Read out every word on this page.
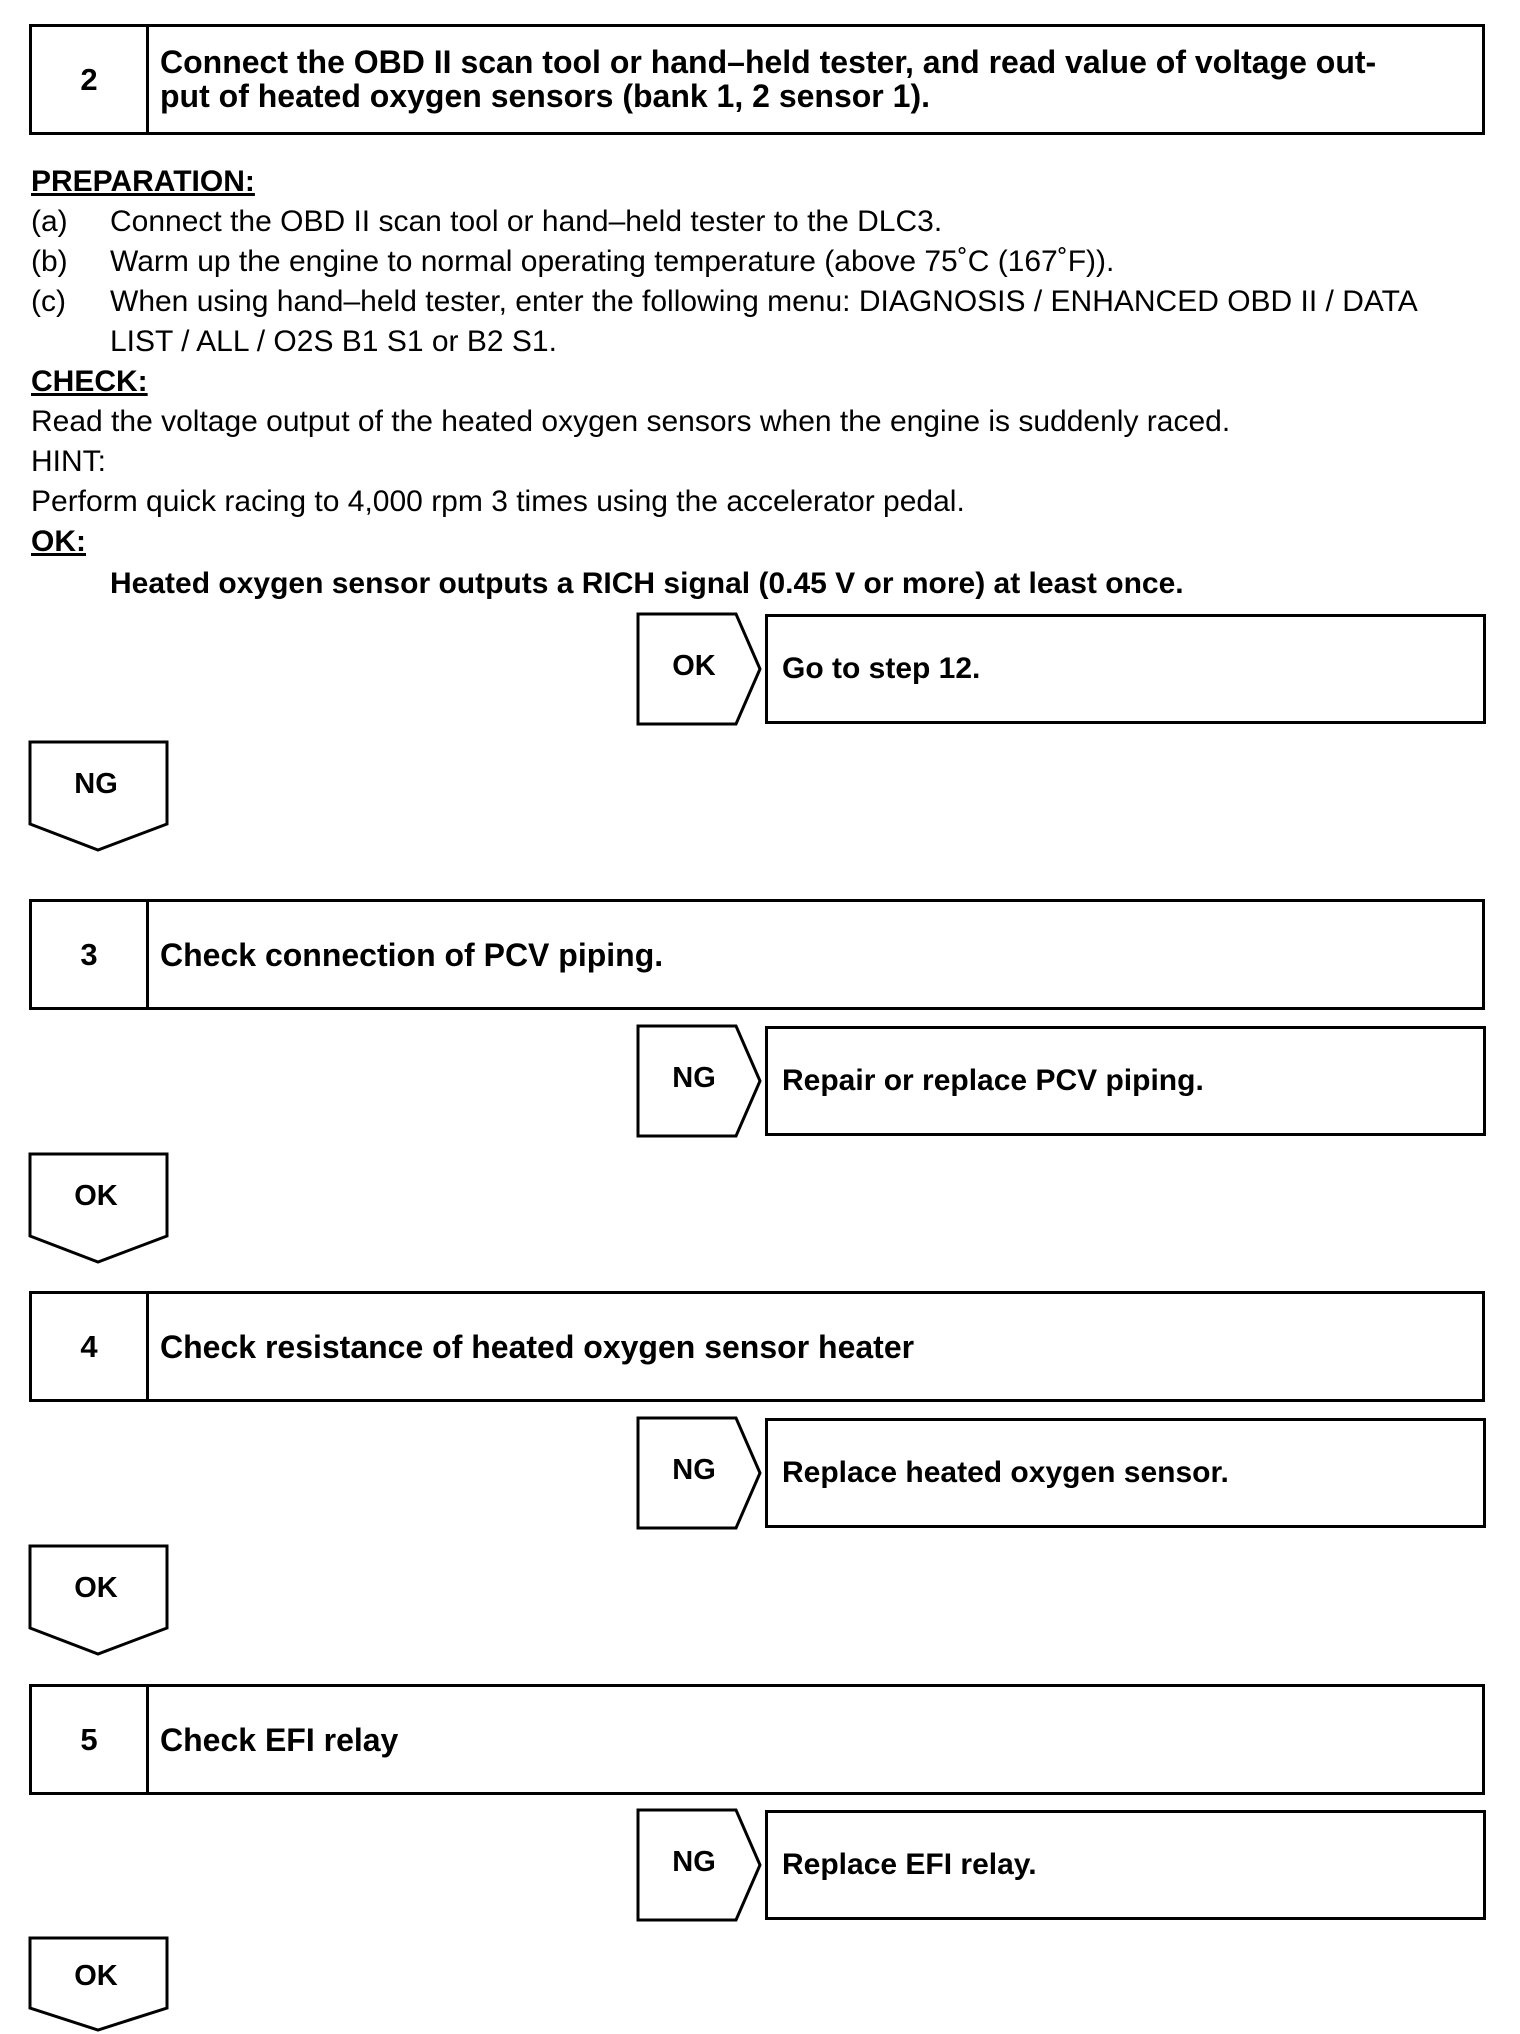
2	Connect the OBD II scan tool or hand–held tester, and read value of voltage out-
put of heated oxygen sensors (bank 1, 2 sensor 1).
PREPARATION:
(a) Connect the OBD II scan tool or hand–held tester to the DLC3.
(b) Warm up the engine to normal operating temperature (above 75˚C (167˚F)).
(c) When using hand–held tester, enter the following menu: DIAGNOSIS / ENHANCED OBD II / DATA
LIST / ALL / O2S B1 S1 or B2 S1.
CHECK:
Read the voltage output of the heated oxygen sensors when the engine is suddenly raced.
HINT:
Perform quick racing to 4,000 rpm 3 times using the accelerator pedal.
OK:
Heated oxygen sensor outputs a RICH signal (0.45 V or more) at least once.
OK	Go to step 12.
NG
3	Check connection of PCV piping.
NG	Repair or replace PCV piping.
OK
4	Check resistance of heated oxygen sensor heater
NG	Replace heated oxygen sensor.
OK
5	Check EFI relay
NG	Replace EFI relay.
OK
